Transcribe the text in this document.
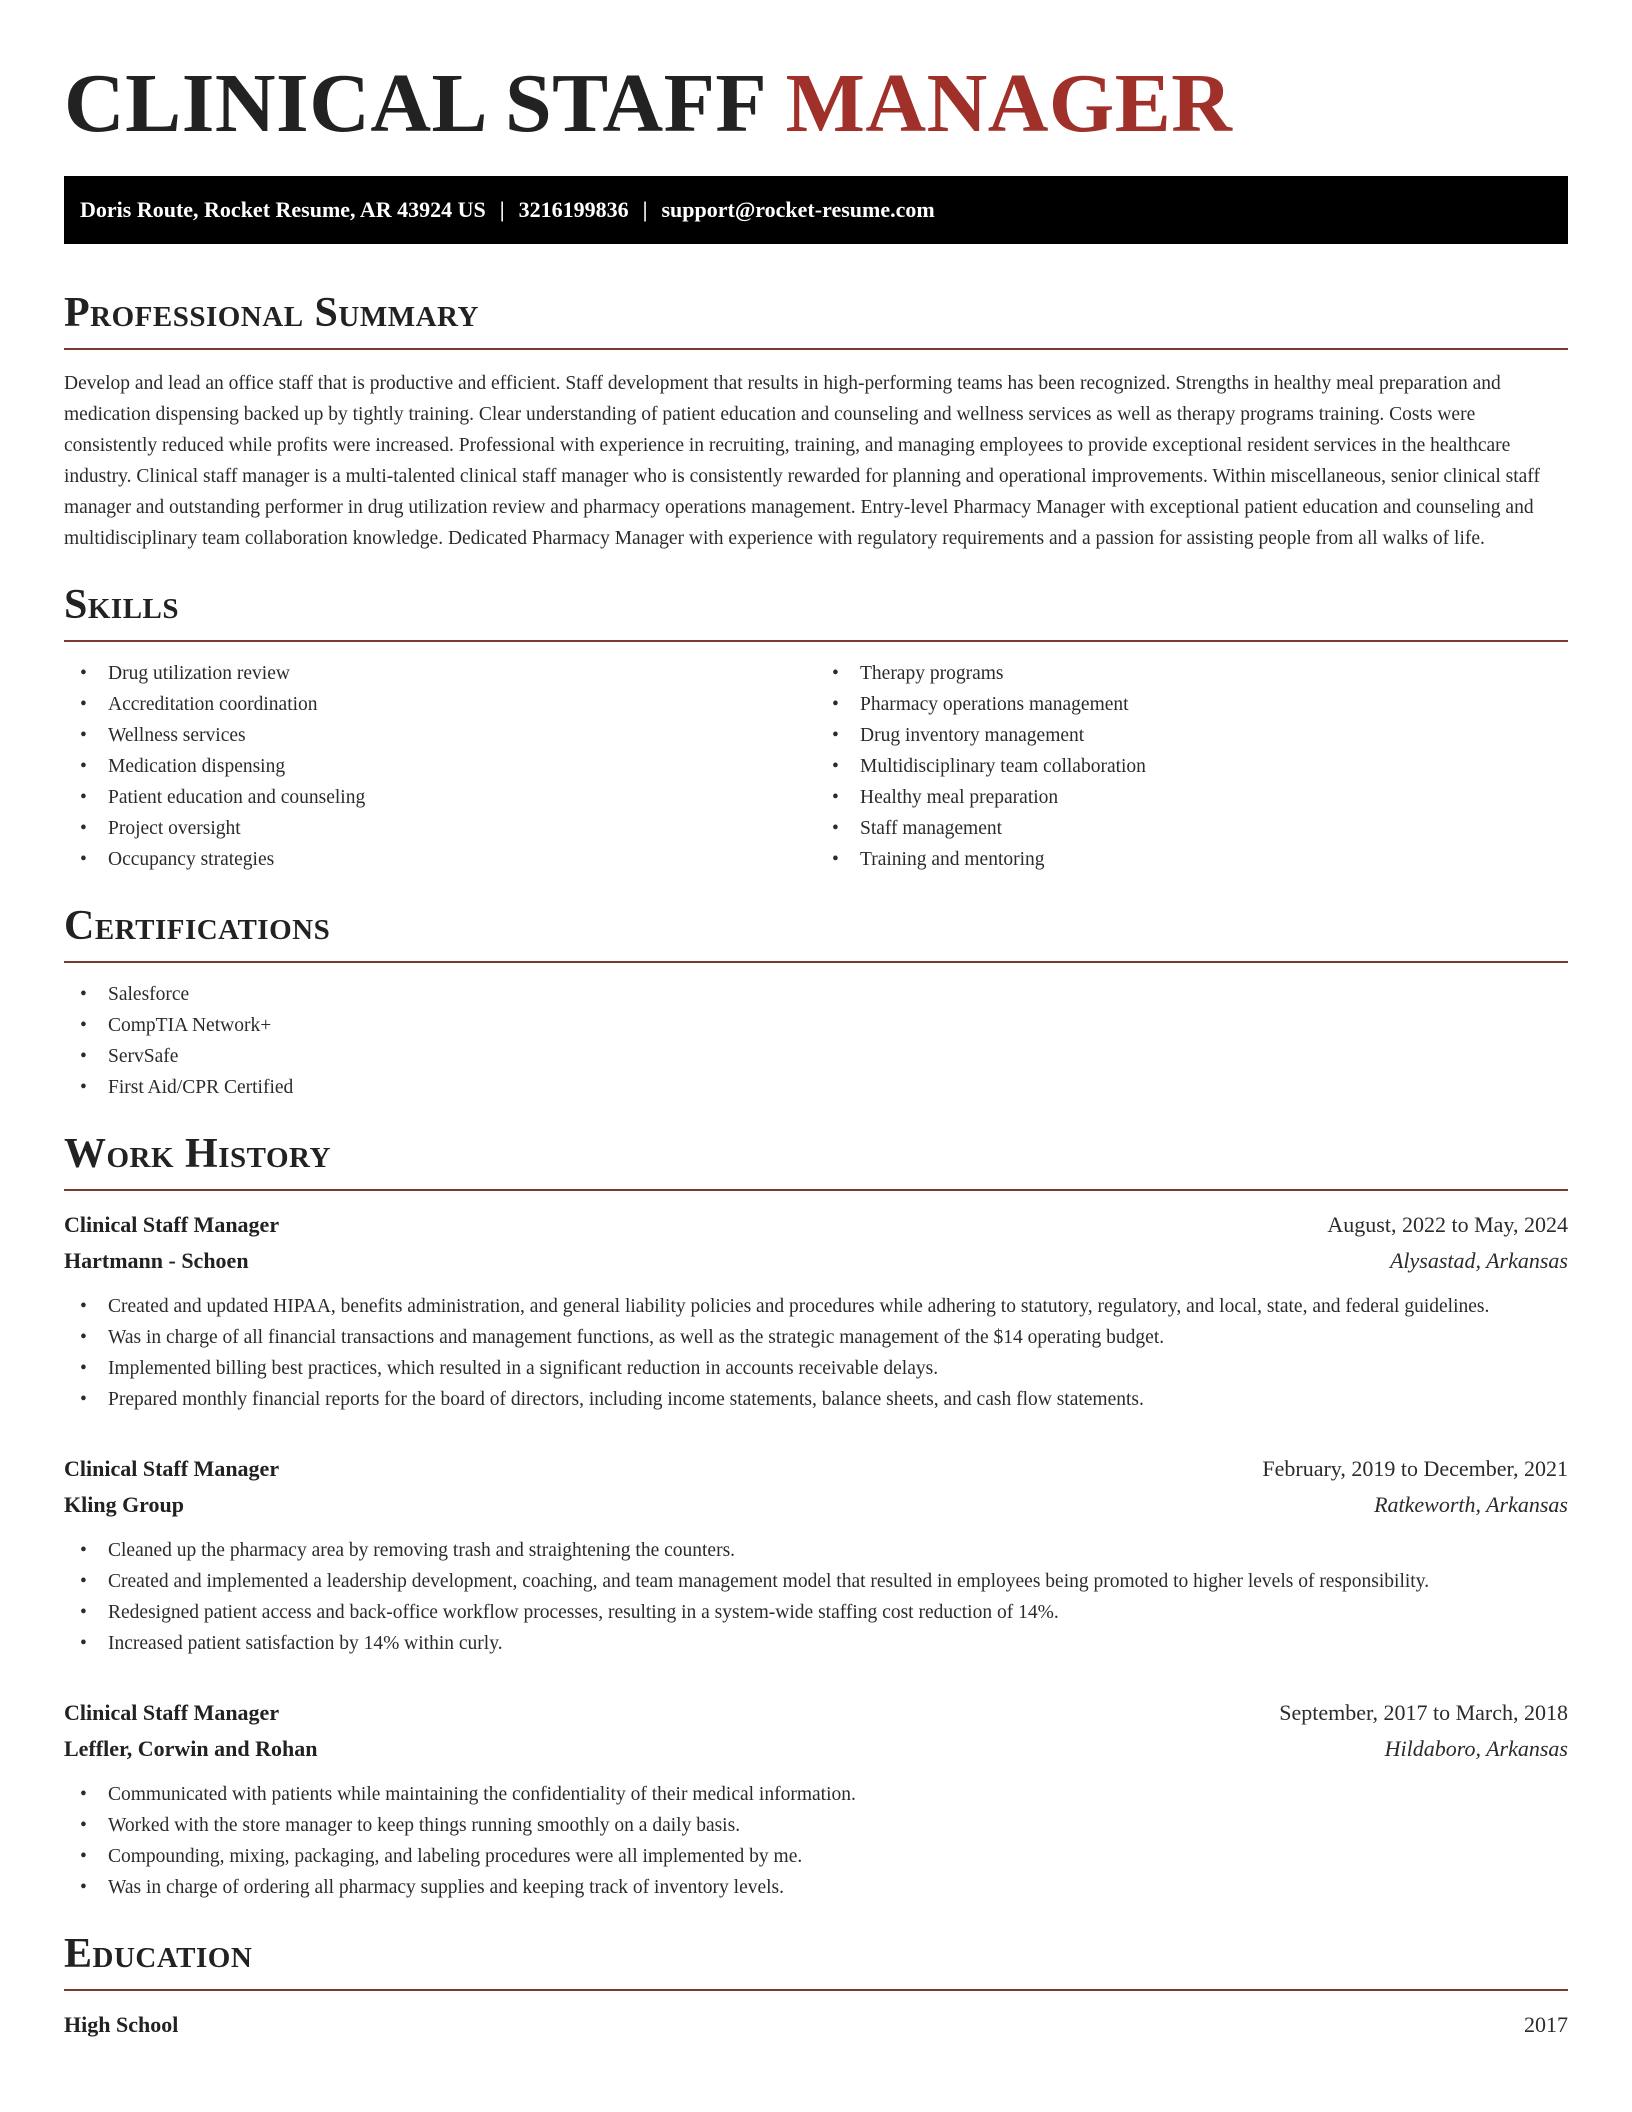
CLINICAL STAFF MANAGER
Doris Route, Rocket Resume, AR 43924 US | 3216199836 | support@rocket-resume.com
Professional Summary

Develop and lead an office staff that is productive and efficient. Staff development that results in high-performing teams has been recognized. Strengths in healthy meal preparation and medication dispensing backed up by tightly training. Clear understanding of patient education and counseling and wellness services as well as therapy programs training. Costs were consistently reduced while profits were increased. Professional with experience in recruiting, training, and managing employees to provide exceptional resident services in the healthcare industry. Clinical staff manager is a multi-talented clinical staff manager who is consistently rewarded for planning and operational improvements. Within miscellaneous, senior clinical staff manager and outstanding performer in drug utilization review and pharmacy operations management. Entry-level Pharmacy Manager with exceptional patient education and counseling and multidisciplinary team collaboration knowledge. Dedicated Pharmacy Manager with experience with regulatory requirements and a passion for assisting people from all walks of life.

Skills
• Drug utilization review
• Accreditation coordination
• Wellness services
• Medication dispensing
• Patient education and counseling
• Project oversight
• Occupancy strategies
• Therapy programs
• Pharmacy operations management
• Drug inventory management
• Multidisciplinary team collaboration
• Healthy meal preparation
• Staff management
• Training and mentoring
Certifications
• Salesforce
• CompTIA Network+
• ServSafe
• First Aid/CPR Certified
Work History
Clinical Staff Manager	August, 2022 to May, 2024
Hartmann - Schoen	Alysastad, Arkansas
• Created and updated HIPAA, benefits administration, and general liability policies and procedures while adhering to statutory, regulatory, and local, state, and federal guidelines.
• Was in charge of all financial transactions and management functions, as well as the strategic management of the $14 operating budget.
• Implemented billing best practices, which resulted in a significant reduction in accounts receivable delays.
• Prepared monthly financial reports for the board of directors, including income statements, balance sheets, and cash flow statements.
Clinical Staff Manager	February, 2019 to December, 2021
Kling Group	Ratkeworth, Arkansas
• Cleaned up the pharmacy area by removing trash and straightening the counters.
• Created and implemented a leadership development, coaching, and team management model that resulted in employees being promoted to higher levels of responsibility.
• Redesigned patient access and back-office workflow processes, resulting in a system-wide staffing cost reduction of 14%.
• Increased patient satisfaction by 14% within curly.
Clinical Staff Manager	September, 2017 to March, 2018
Leffler, Corwin and Rohan	Hildaboro, Arkansas
• Communicated with patients while maintaining the confidentiality of their medical information.
• Worked with the store manager to keep things running smoothly on a daily basis.
• Compounding, mixing, packaging, and labeling procedures were all implemented by me.
• Was in charge of ordering all pharmacy supplies and keeping track of inventory levels.
Education
High School	2017
